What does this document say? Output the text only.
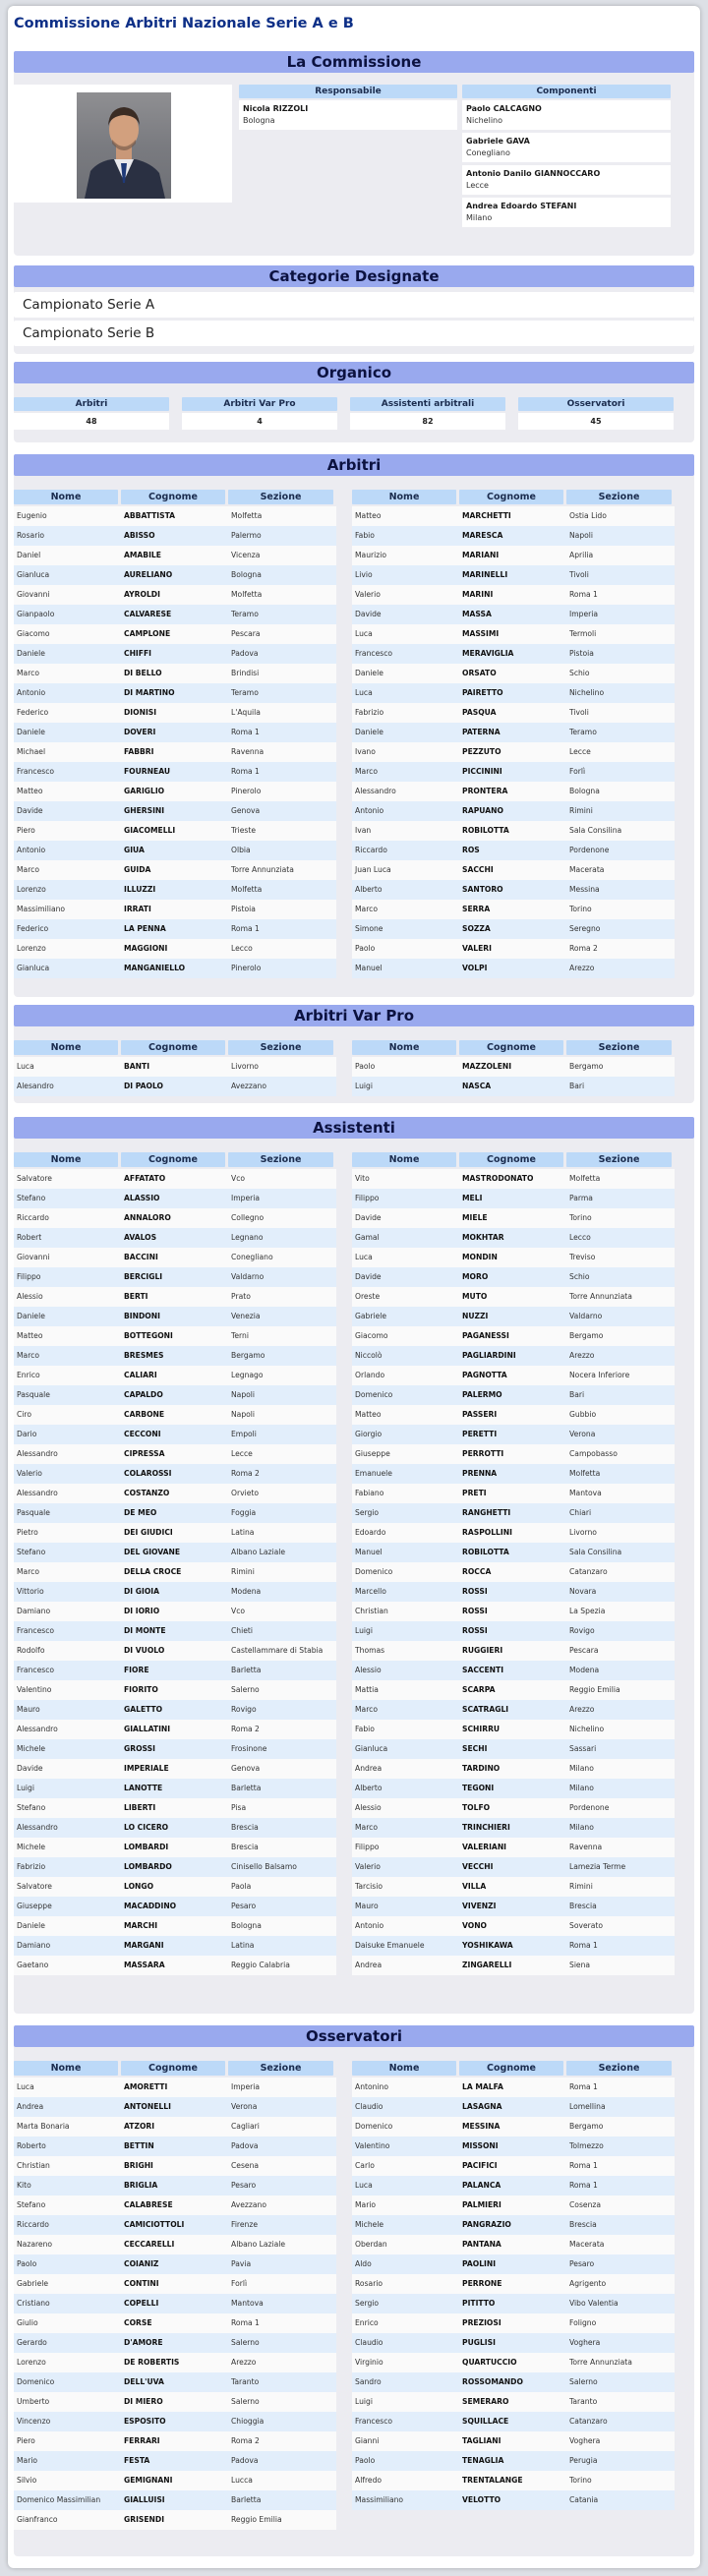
Commissione Arbitri Nazionale Serie A e B
La Commissione
Responsabile
Nicola RIZZOLI
Bologna
Componenti
Paolo CALCAGNO
Nichelino
Gabriele GAVA
Conegliano
Antonio Danilo GIANNOCCARO
Lecce
Andrea Edoardo STEFANI
Milano
Categorie Designate
Campionato Serie A
Campionato Serie B
Organico
Arbitri
48
Arbitri Var Pro
4
Assistenti arbitrali
82
Osservatori
45
Arbitri
Nome	Cognome	Sezione
Eugenio	ABBATTISTA	Molfetta
Rosario	ABISSO	Palermo
Daniel	AMABILE	Vicenza
Gianluca	AURELIANO	Bologna
Giovanni	AYROLDI	Molfetta
Gianpaolo	CALVARESE	Teramo
Giacomo	CAMPLONE	Pescara
Daniele	CHIFFI	Padova
Marco	DI BELLO	Brindisi
Antonio	DI MARTINO	Teramo
Federico	DIONISI	L'Aquila
Daniele	DOVERI	Roma 1
Michael	FABBRI	Ravenna
Francesco	FOURNEAU	Roma 1
Matteo	GARIGLIO	Pinerolo
Davide	GHERSINI	Genova
Piero	GIACOMELLI	Trieste
Antonio	GIUA	Olbia
Marco	GUIDA	Torre Annunziata
Lorenzo	ILLUZZI	Molfetta
Massimiliano	IRRATI	Pistoia
Federico	LA PENNA	Roma 1
Lorenzo	MAGGIONI	Lecco
Gianluca	MANGANIELLO	Pinerolo
Nome	Cognome	Sezione
Matteo	MARCHETTI	Ostia Lido
Fabio	MARESCA	Napoli
Maurizio	MARIANI	Aprilia
Livio	MARINELLI	Tivoli
Valerio	MARINI	Roma 1
Davide	MASSA	Imperia
Luca	MASSIMI	Termoli
Francesco	MERAVIGLIA	Pistoia
Daniele	ORSATO	Schio
Luca	PAIRETTO	Nichelino
Fabrizio	PASQUA	Tivoli
Daniele	PATERNA	Teramo
Ivano	PEZZUTO	Lecce
Marco	PICCININI	Forlì
Alessandro	PRONTERA	Bologna
Antonio	RAPUANO	Rimini
Ivan	ROBILOTTA	Sala Consilina
Riccardo	ROS	Pordenone
Juan Luca	SACCHI	Macerata
Alberto	SANTORO	Messina
Marco	SERRA	Torino
Simone	SOZZA	Seregno
Paolo	VALERI	Roma 2
Manuel	VOLPI	Arezzo
Arbitri Var Pro
Nome	Cognome	Sezione
Luca	BANTI	Livorno
Alesandro	DI PAOLO	Avezzano
Nome	Cognome	Sezione
Paolo	MAZZOLENI	Bergamo
Luigi	NASCA	Bari
Assistenti
Nome	Cognome	Sezione
Salvatore	AFFATATO	Vco
Stefano	ALASSIO	Imperia
Riccardo	ANNALORO	Collegno
Robert	AVALOS	Legnano
Giovanni	BACCINI	Conegliano
Filippo	BERCIGLI	Valdarno
Alessio	BERTI	Prato
Daniele	BINDONI	Venezia
Matteo	BOTTEGONI	Terni
Marco	BRESMES	Bergamo
Enrico	CALIARI	Legnago
Pasquale	CAPALDO	Napoli
Ciro	CARBONE	Napoli
Dario	CECCONI	Empoli
Alessandro	CIPRESSA	Lecce
Valerio	COLAROSSI	Roma 2
Alessandro	COSTANZO	Orvieto
Pasquale	DE MEO	Foggia
Pietro	DEI GIUDICI	Latina
Stefano	DEL GIOVANE	Albano Laziale
Marco	DELLA CROCE	Rimini
Vittorio	DI GIOIA	Modena
Damiano	DI IORIO	Vco
Francesco	DI MONTE	Chieti
Rodolfo	DI VUOLO	Castellammare di Stabia
Francesco	FIORE	Barletta
Valentino	FIORITO	Salerno
Mauro	GALETTO	Rovigo
Alessandro	GIALLATINI	Roma 2
Michele	GROSSI	Frosinone
Davide	IMPERIALE	Genova
Luigi	LANOTTE	Barletta
Stefano	LIBERTI	Pisa
Alessandro	LO CICERO	Brescia
Michele	LOMBARDI	Brescia
Fabrizio	LOMBARDO	Cinisello Balsamo
Salvatore	LONGO	Paola
Giuseppe	MACADDINO	Pesaro
Daniele	MARCHI	Bologna
Damiano	MARGANI	Latina
Gaetano	MASSARA	Reggio Calabria
Nome	Cognome	Sezione
Vito	MASTRODONATO	Molfetta
Filippo	MELI	Parma
Davide	MIELE	Torino
Gamal	MOKHTAR	Lecco
Luca	MONDIN	Treviso
Davide	MORO	Schio
Oreste	MUTO	Torre Annunziata
Gabriele	NUZZI	Valdarno
Giacomo	PAGANESSI	Bergamo
Niccolò	PAGLIARDINI	Arezzo
Orlando	PAGNOTTA	Nocera Inferiore
Domenico	PALERMO	Bari
Matteo	PASSERI	Gubbio
Giorgio	PERETTI	Verona
Giuseppe	PERROTTI	Campobasso
Emanuele	PRENNA	Molfetta
Fabiano	PRETI	Mantova
Sergio	RANGHETTI	Chiari
Edoardo	RASPOLLINI	Livorno
Manuel	ROBILOTTA	Sala Consilina
Domenico	ROCCA	Catanzaro
Marcello	ROSSI	Novara
Christian	ROSSI	La Spezia
Luigi	ROSSI	Rovigo
Thomas	RUGGIERI	Pescara
Alessio	SACCENTI	Modena
Mattia	SCARPA	Reggio Emilia
Marco	SCATRAGLI	Arezzo
Fabio	SCHIRRU	Nichelino
Gianluca	SECHI	Sassari
Andrea	TARDINO	Milano
Alberto	TEGONI	Milano
Alessio	TOLFO	Pordenone
Marco	TRINCHIERI	Milano
Filippo	VALERIANI	Ravenna
Valerio	VECCHI	Lamezia Terme
Tarcisio	VILLA	Rimini
Mauro	VIVENZI	Brescia
Antonio	VONO	Soverato
Daisuke Emanuele	YOSHIKAWA	Roma 1
Andrea	ZINGARELLI	Siena
Osservatori
Nome	Cognome	Sezione
Luca	AMORETTI	Imperia
Andrea	ANTONELLI	Verona
Marta Bonaria	ATZORI	Cagliari
Roberto	BETTIN	Padova
Christian	BRIGHI	Cesena
Kito	BRIGLIA	Pesaro
Stefano	CALABRESE	Avezzano
Riccardo	CAMICIOTTOLI	Firenze
Nazareno	CECCARELLI	Albano Laziale
Paolo	COIANIZ	Pavia
Gabriele	CONTINI	Forlì
Cristiano	COPELLI	Mantova
Giulio	CORSE	Roma 1
Gerardo	D'AMORE	Salerno
Lorenzo	DE ROBERTIS	Arezzo
Domenico	DELL'UVA	Taranto
Umberto	DI MIERO	Salerno
Vincenzo	ESPOSITO	Chioggia
Piero	FERRARI	Roma 2
Mario	FESTA	Padova
Silvio	GEMIGNANI	Lucca
Domenico Massimilian	GIALLUISI	Barletta
Gianfranco	GRISENDI	Reggio Emilia
Nome	Cognome	Sezione
Antonino	LA MALFA	Roma 1
Claudio	LASAGNA	Lomellina
Domenico	MESSINA	Bergamo
Valentino	MISSONI	Tolmezzo
Carlo	PACIFICI	Roma 1
Luca	PALANCA	Roma 1
Mario	PALMIERI	Cosenza
Michele	PANGRAZIO	Brescia
Oberdan	PANTANA	Macerata
Aldo	PAOLINI	Pesaro
Rosario	PERRONE	Agrigento
Sergio	PITITTO	Vibo Valentia
Enrico	PREZIOSI	Foligno
Claudio	PUGLISI	Voghera
Virginio	QUARTUCCIO	Torre Annunziata
Sandro	ROSSOMANDO	Salerno
Luigi	SEMERARO	Taranto
Francesco	SQUILLACE	Catanzaro
Gianni	TAGLIANI	Voghera
Paolo	TENAGLIA	Perugia
Alfredo	TRENTALANGE	Torino
Massimiliano	VELOTTO	Catania
